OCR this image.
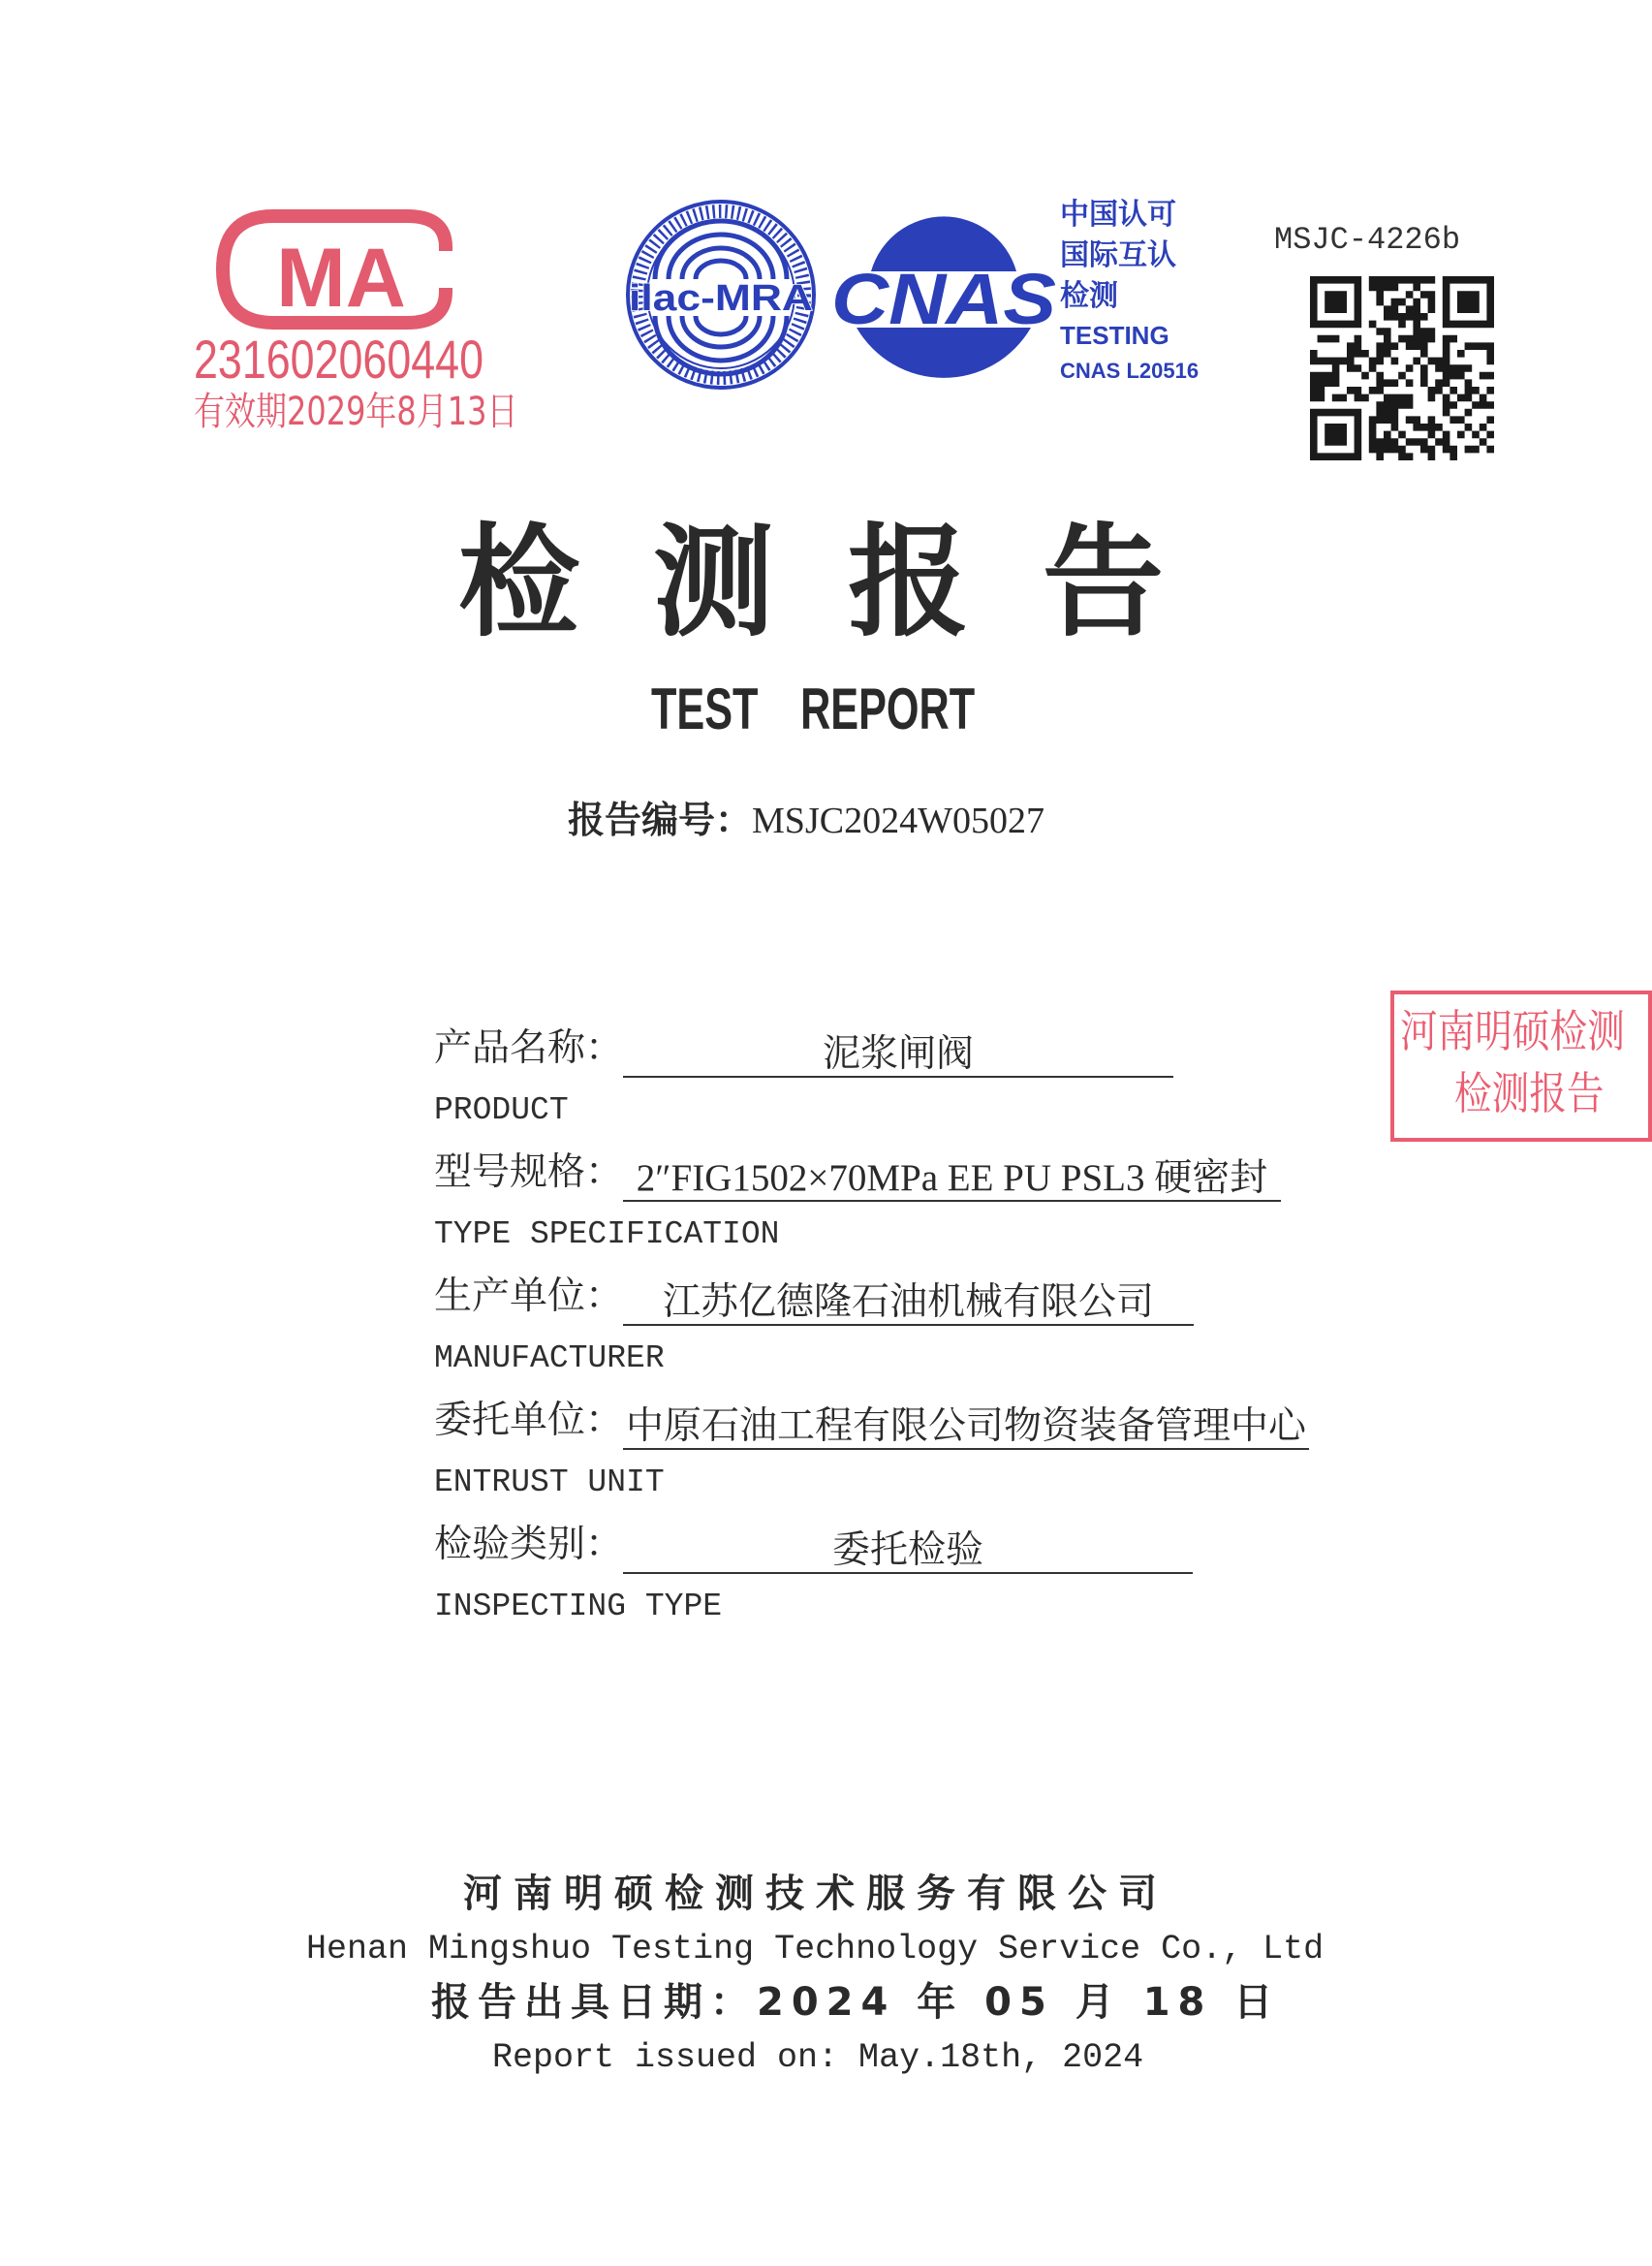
MA
231602060440
有效期2029年8月13日
ilac-MRA CNAS
中国认可
国际互认
检测
TESTING
CNAS L20516
MSJC-4226b
检测报告
TEST REPORT
报告编号：MSJC2024W05027
河南明硕检测
检测报告
产品名称：	泥浆闸阀
PRODUCT
型号规格： 2″FIG1502×70MPa EE PU PSL3 硬密封
TYPE SPECIFICATION
生产单位： 江苏亿德隆石油机械有限公司
MANUFACTURER
委托单位：中原石油工程有限公司物资装备管理中心
ENTRUST UNIT
检验类别：	委托检验
INSPECTING TYPE
河南明硕检测技术服务有限公司
Henan Mingshuo Testing Technology Service Co., Ltd
报告出具日期：2024 年 05 月 18 日
Report issued on: May.18th, 2024
